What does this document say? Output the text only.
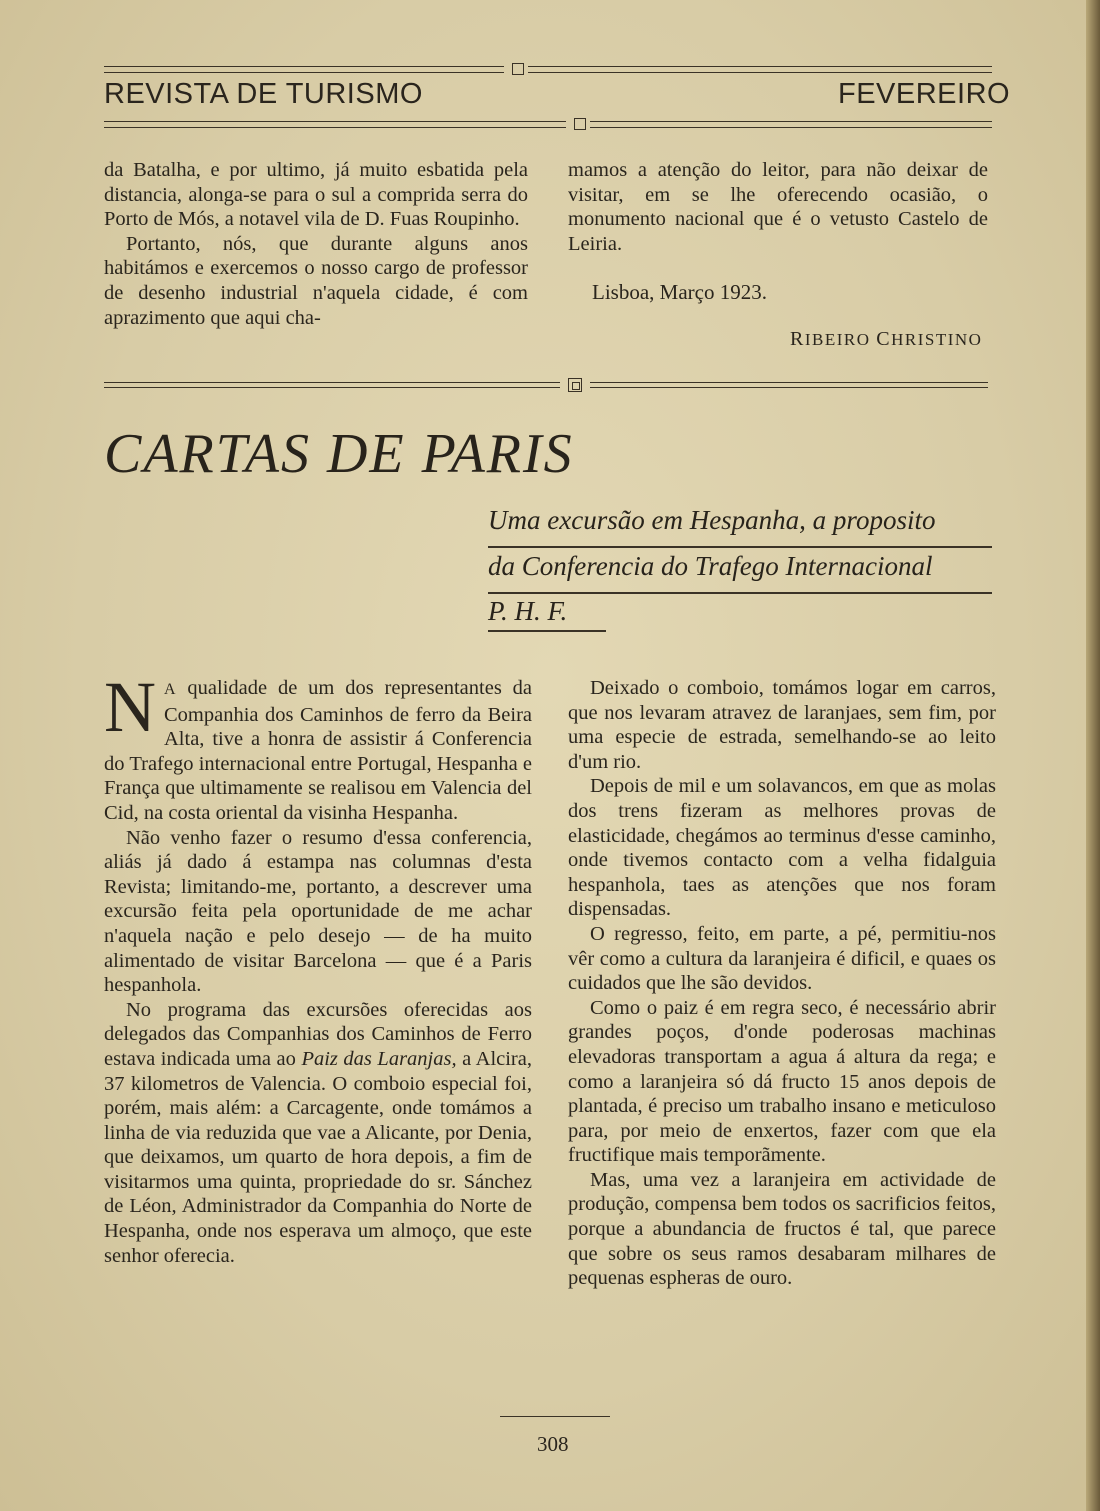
REVISTA DE TURISMO	FEVEREIRO

da Batalha, e por ultimo, já muito esbatida pela distancia, alonga-se para o sul a comprida serra do Porto de Mós, a notavel vila de D. Fuas Roupinho.

Portanto, nós, que durante alguns anos habitámos e exercemos o nosso cargo de professor de desenho industrial n'aquela cidade, é com aprazimento que aqui cha-

mamos a atenção do leitor, para não deixar de visitar, em se lhe oferecendo ocasião, o monumento nacional que é o vetusto Castelo de Leiria.

Lisboa, Março 1923.
RIBEIRO CHRISTINO
CARTAS DE PARIS
Uma excursão em Hespanha, a proposito
da Conferencia do Trafego Internacional
P. H. F.

N A qualidade de um dos representantes da Companhia dos Caminhos de ferro da Beira Alta, tive a honra de assistir á Conferencia do Trafego internacional entre Portugal, Hespanha e França que ultimamente se realisou em Valencia del Cid, na costa oriental da visinha Hespanha.

Não venho fazer o resumo d'essa conferencia, aliás já dado á estampa nas columnas d'esta Revista; limitando-me, portanto, a descrever uma excursão feita pela oportunidade de me achar n'aquela nação e pelo desejo — de ha muito alimentado de visitar Barcelona — que é a Paris hespanhola.

No programa das excursões oferecidas aos delegados das Companhias dos Caminhos de Ferro estava indicada uma ao Paiz das Laranjas, a Alcira, 37 kilometros de Valencia. O comboio especial foi, porém, mais além: a Carcagente, onde tomámos a linha de via reduzida que vae a Alicante, por Denia, que deixamos, um quarto de hora depois, a fim de visitarmos uma quinta, propriedade do sr. Sánchez de Léon, Administrador da Companhia do Norte de Hespanha, onde nos esperava um almoço, que este senhor oferecia.

Deixado o comboio, tomámos logar em carros, que nos levaram atravez de laranjaes, sem fim, por uma especie de estrada, semelhando-se ao leito d'um rio.

Depois de mil e um solavancos, em que as molas dos trens fizeram as melhores provas de elasticidade, chegámos ao terminus d'esse caminho, onde tivemos contacto com a velha fidalguia hespanhola, taes as atenções que nos foram dispensadas.

O regresso, feito, em parte, a pé, permitiu-nos vêr como a cultura da laranjeira é dificil, e quaes os cuidados que lhe são devidos.

Como o paiz é em regra seco, é necessário abrir grandes poços, d'onde poderosas machinas elevadoras transportam a agua á altura da rega; e como a laranjeira só dá fructo 15 anos depois de plantada, é preciso um trabalho insano e meticuloso para, por meio de enxertos, fazer com que ela fructifique mais temporãmente.

Mas, uma vez a laranjeira em actividade de produção, compensa bem todos os sacrificios feitos, porque a abundancia de fructos é tal, que parece que sobre os seus ramos desabaram milhares de pequenas espheras de ouro.

308
